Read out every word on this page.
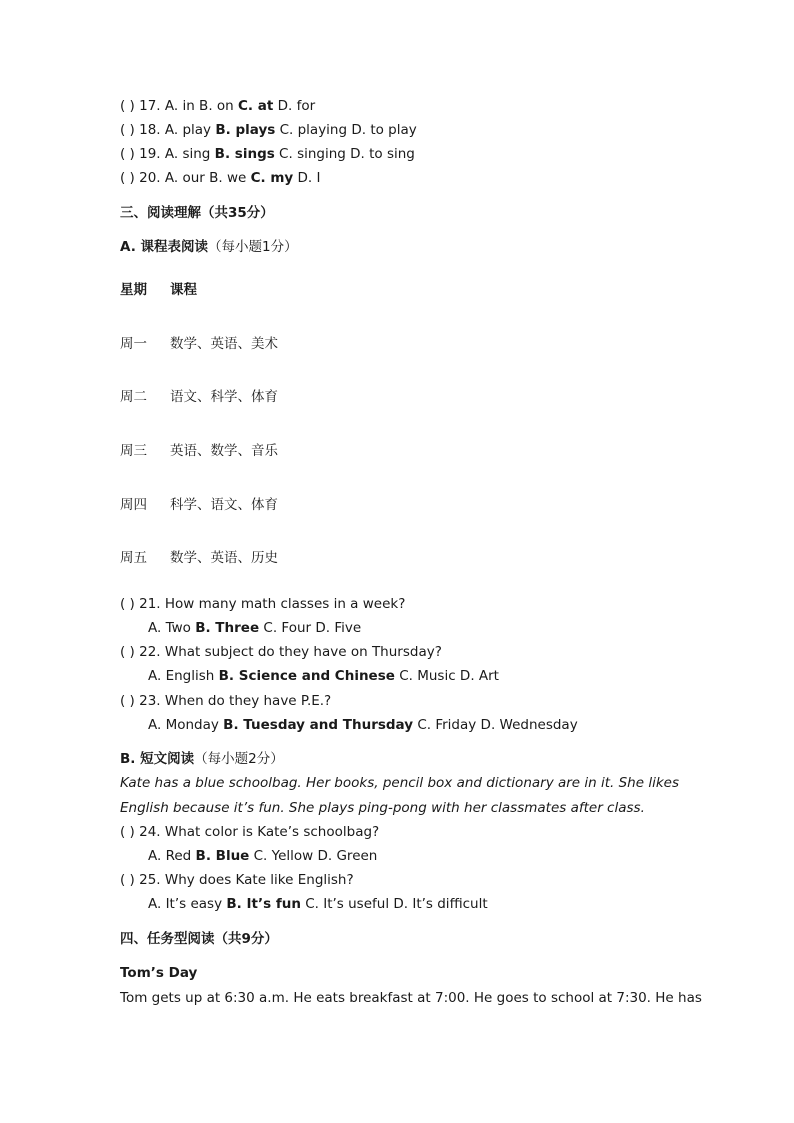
( ) 17. A. in B. on C. at D. for
( ) 18. A. play B. plays C. playing D. to play
( ) 19. A. sing B. sings C. singing D. to sing
( ) 20. A. our B. we C. my D. I
三、阅读理解（共35分）
A. 课程表阅读（每小题1分）
星期 课程
周一 数学、英语、美术
周二 语文、科学、体育
周三 英语、数学、音乐
周四 科学、语文、体育
周五 数学、英语、历史
( ) 21. How many math classes in a week?
A. Two B. Three C. Four D. Five
( ) 22. What subject do they have on Thursday?
A. English B. Science and Chinese C. Music D. Art
( ) 23. When do they have P.E.?
A. Monday B. Tuesday and Thursday C. Friday D. Wednesday
B. 短文阅读（每小题2分）
Kate has a blue schoolbag. Her books, pencil box and dictionary are in it. She likes
English because it’s fun. She plays ping-pong with her classmates after class.
( ) 24. What color is Kate’s schoolbag?
A. Red B. Blue C. Yellow D. Green
( ) 25. Why does Kate like English?
A. It’s easy B. It’s fun C. It’s useful D. It’s difficult
四、任务型阅读（共9分）
Tom’s Day
Tom gets up at 6:30 a.m. He eats breakfast at 7:00. He goes to school at 7:30. He has
